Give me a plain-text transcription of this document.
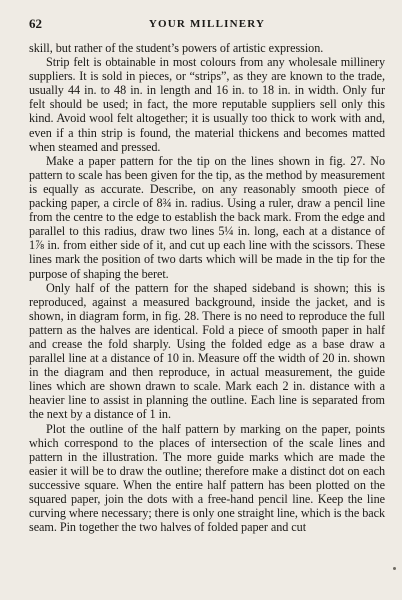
62	YOUR MILLINERY

skill, but rather of the student’s powers of artistic expression.

Strip felt is obtainable in most colours from any wholesale millinery suppliers. It is sold in pieces, or “strips”, as they are known to the trade, usually 44 in. to 48 in. in length and 16 in. to 18 in. in width. Only fur felt should be used; in fact, the more reputable suppliers sell only this kind. Avoid wool felt altogether; it is usually too thick to work with and, even if a thin strip is found, the material thickens and becomes matted when steamed and pressed.

Make a paper pattern for the tip on the lines shown in fig. 27. No pattern to scale has been given for the tip, as the method by measurement is equally as accurate. Describe, on any reasonably smooth piece of packing paper, a circle of 8¾ in. radius. Using a ruler, draw a pencil line from the centre to the edge to establish the back mark. From the edge and parallel to this radius, draw two lines 5¼ in. long, each at a distance of 1⅞ in. from either side of it, and cut up each line with the scissors. These lines mark the position of two darts which will be made in the tip for the purpose of shaping the beret.

Only half of the pattern for the shaped sideband is shown; this is reproduced, against a measured background, inside the jacket, and is shown, in diagram form, in fig. 28. There is no need to reproduce the full pattern as the halves are identical. Fold a piece of smooth paper in half and crease the fold sharply. Using the folded edge as a base draw a parallel line at a distance of 10 in. Measure off the width of 20 in. shown in the diagram and then reproduce, in actual measurement, the guide lines which are shown drawn to scale. Mark each 2 in. distance with a heavier line to assist in planning the outline. Each line is separated from the next by a distance of 1 in.

Plot the outline of the half pattern by marking on the paper, points which correspond to the places of intersection of the scale lines and pattern in the illustration. The more guide marks which are made the easier it will be to draw the outline; therefore make a distinct dot on each successive square. When the entire half pattern has been plotted on the squared paper, join the dots with a free-hand pencil line. Keep the line curving where necessary; there is only one straight line, which is the back seam. Pin together the two halves of folded paper and cut
